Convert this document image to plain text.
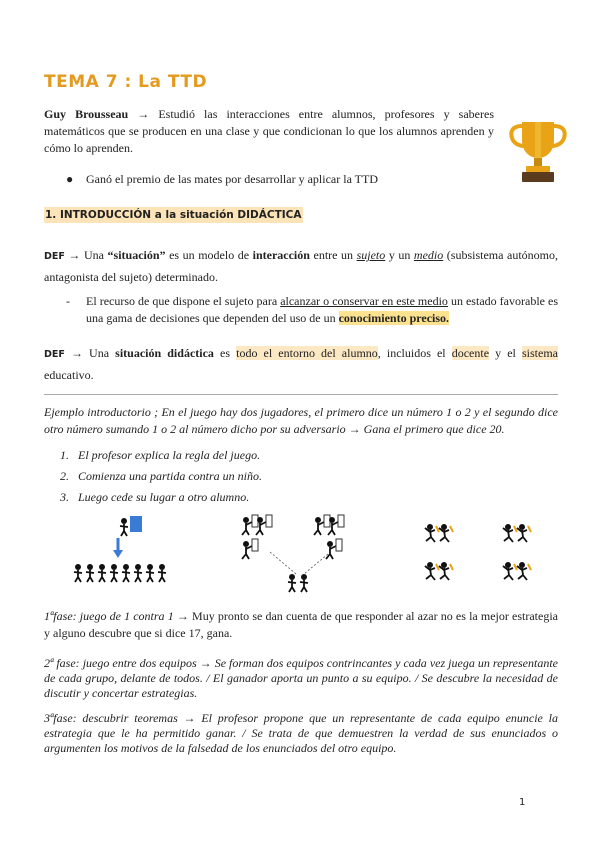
TEMA 7 : La TTD

Guy Brousseau → Estudió las interacciones entre alumnos, profesores y saberes matemáticos que se producen en una clase y que condicionan lo que los alumnos aprenden y cómo lo aprenden.

● Ganó el premio de las mates por desarrollar y aplicar la TTD

1. INTRODUCCIÓN a la situación DIDÁCTICA

DEF → Una “situación” es un modelo de interacción entre un sujeto y un medio (subsistema autónomo, antagonista del sujeto) determinado.

- El recurso de que dispone el sujeto para alcanzar o conservar en este medio un estado favorable es una gama de decisiones que dependen del uso de un conocimiento preciso.

DEF → Una situación didáctica es todo el entorno del alumno, incluidos el docente y el sistema educativo.

Ejemplo introductorio ; En el juego hay dos jugadores, el primero dice un número 1 o 2 y el segundo dice otro número sumando 1 o 2 al número dicho por su adversario → Gana el primero que dice 20.

1. El profesor explica la regla del juego.
2. Comienza una partida contra un niño.
3. Luego cede su lugar a otro alumno.

1ªfase: juego de 1 contra 1 → Muy pronto se dan cuenta de que responder al azar no es la mejor estrategia y alguno descubre que si dice 17, gana.

2ª fase: juego entre dos equipos → Se forman dos equipos contrincantes y cada vez juega un representante de cada grupo, delante de todos. / El ganador aporta un punto a su equipo. / Se descubre la necesidad de discutir y concertar estrategias.

3ªfase: descubrir teoremas → El profesor propone que un representante de cada equipo enuncie la estrategia que le ha permitido ganar. / Se trata de que demuestren la verdad de sus enunciados o argumenten los motivos de la falsedad de los enunciados del otro equipo.

1
